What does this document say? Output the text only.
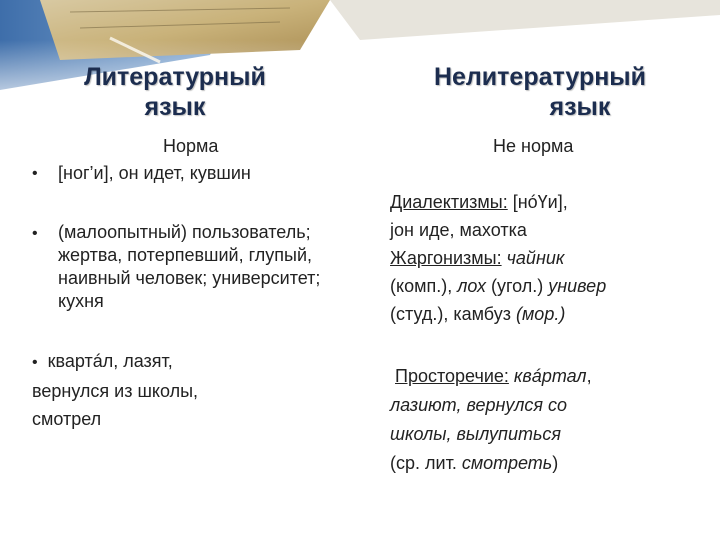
Литературный
язык
Нелитературный
язык
Норма	Не норма
• [ног’и], он идет, кувшин
• (малоопытный) пользователь;
жертва, потерпевший, глупый,
наивный человек; университет;
кухня
• квартáл, лазят,
вернулся из школы,
смотрел
Диалектизмы: [нóҮи],
jон иде, махотка
Жаргонизмы: чайник
(комп.), лох (угол.) универ
(студ.), камбуз (мор.)
Просторечие: квáртал,
лазиют, вернулся со
школы, вылупиться
(ср. лит. смотреть)
